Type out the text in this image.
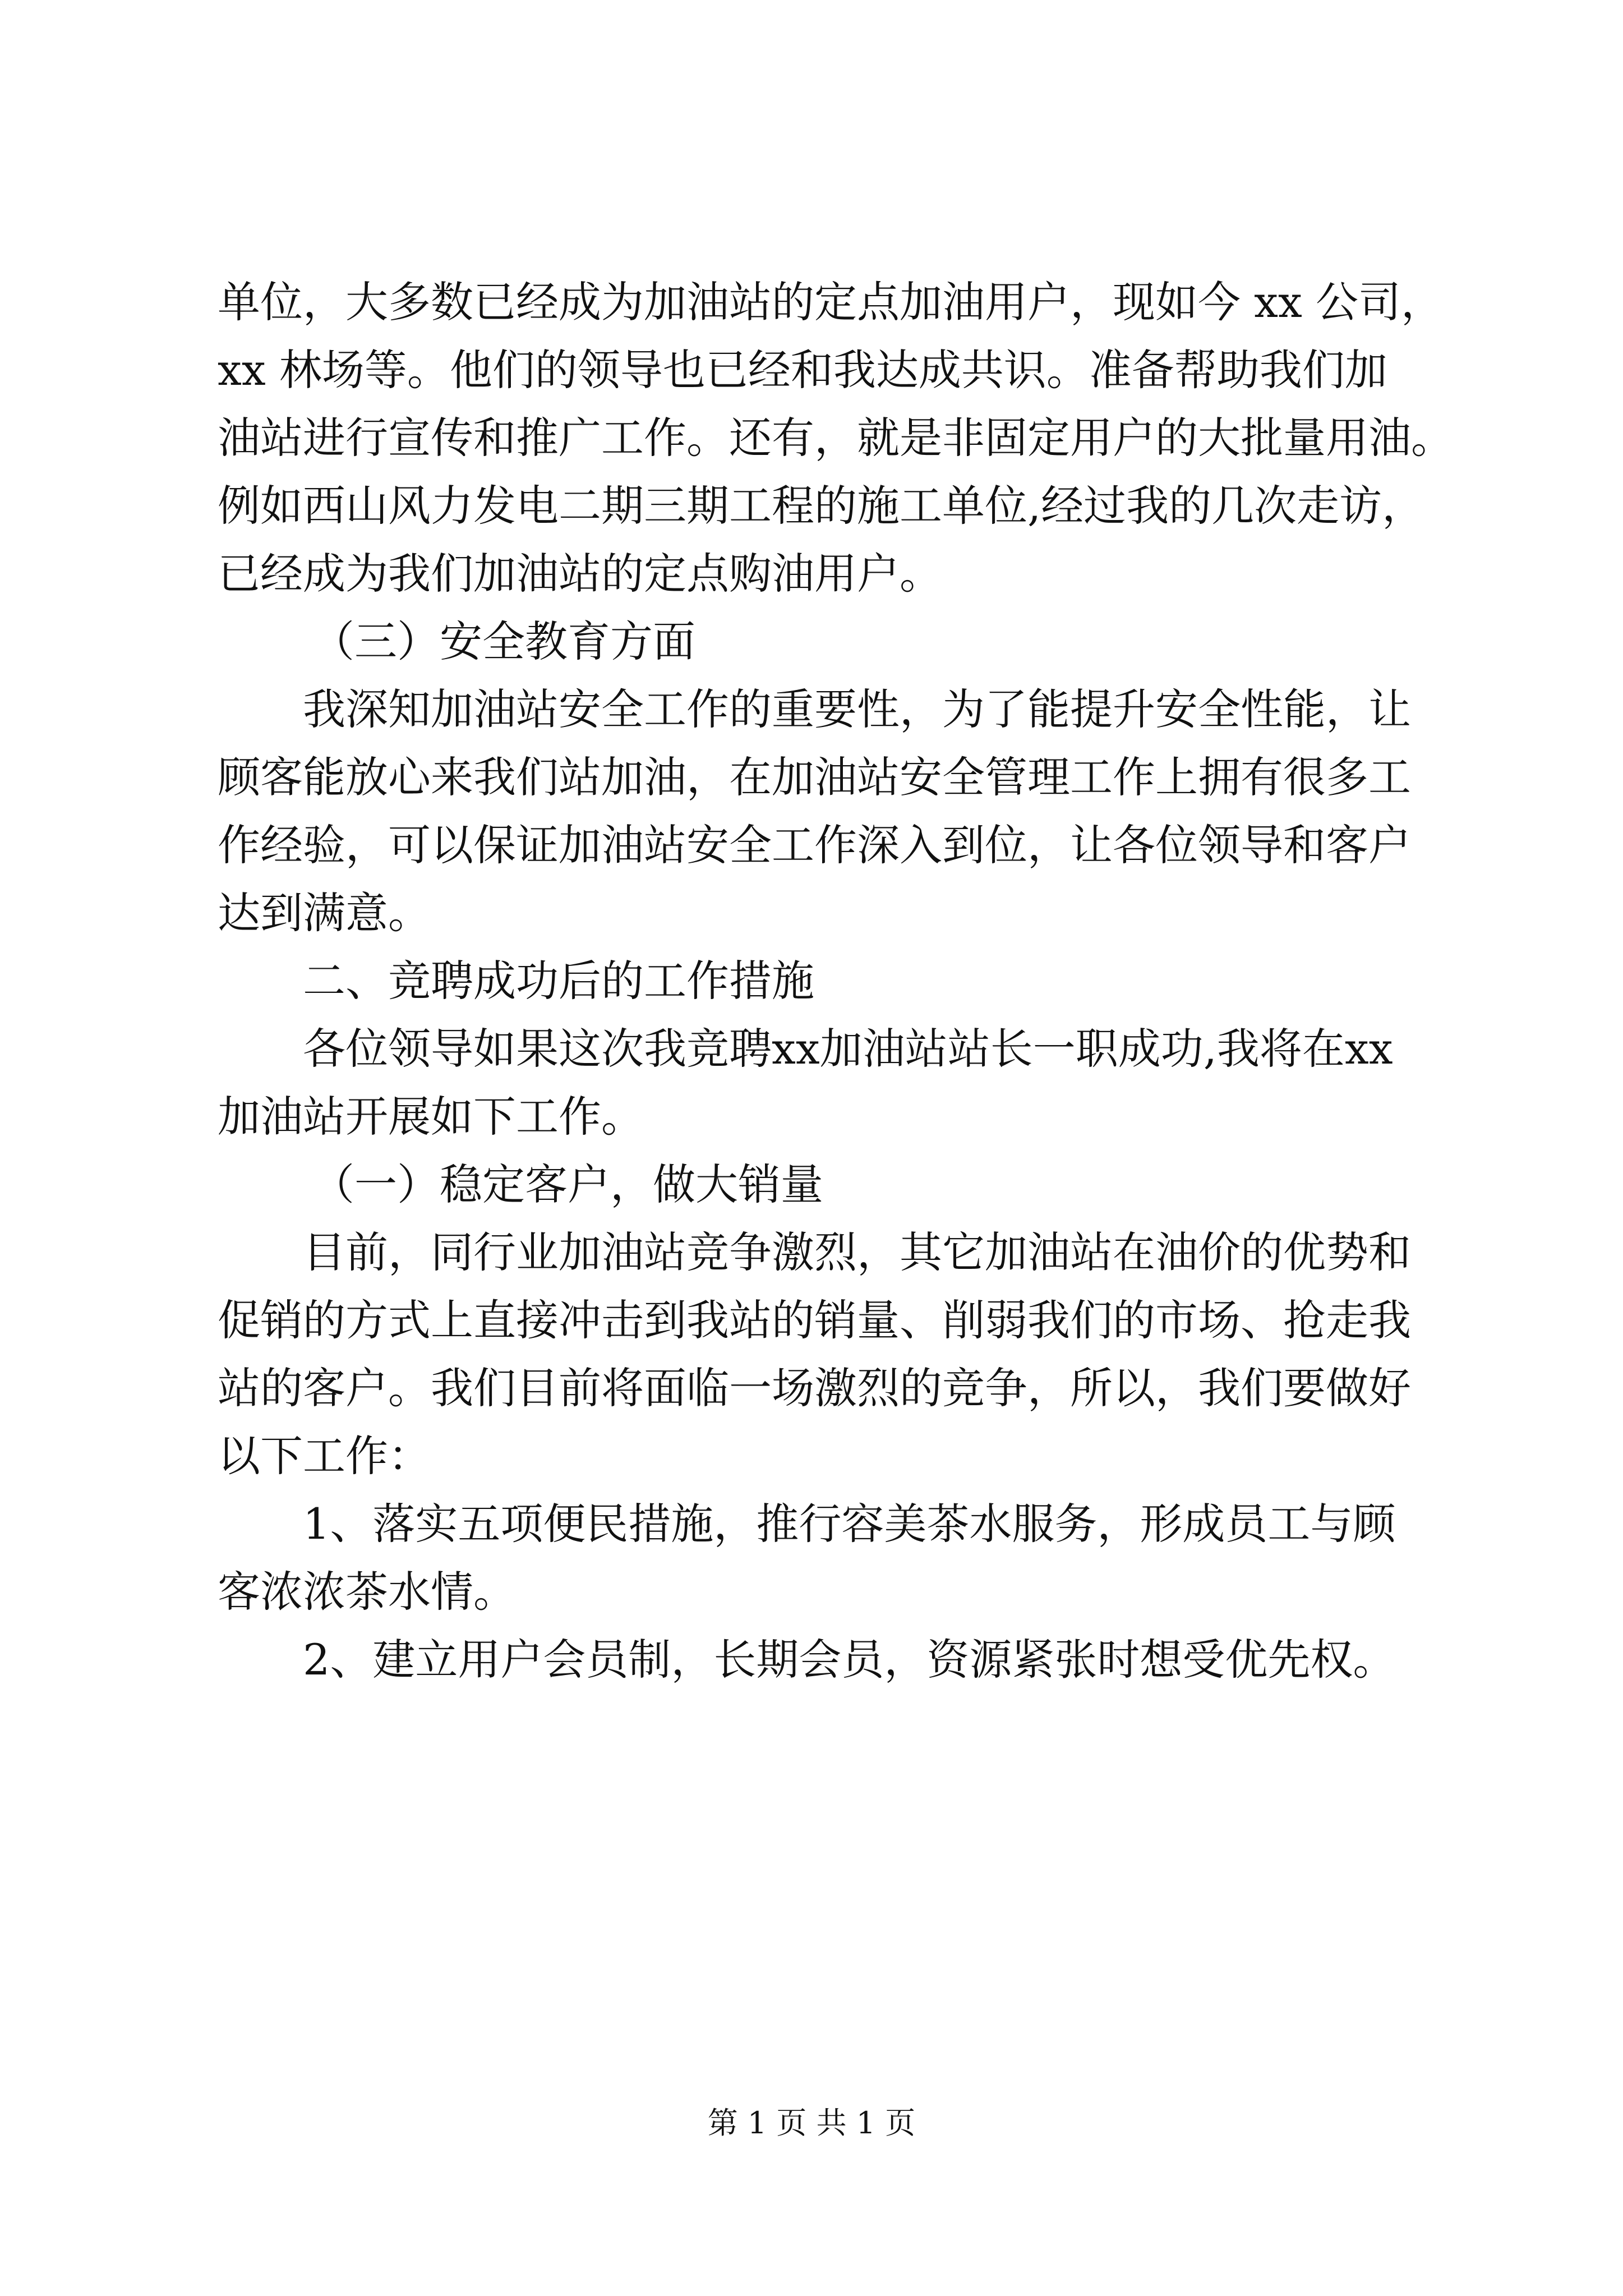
单位，大多数已经成为加油站的定点加油用户，现如今 xx 公司，
xx 林场等。他们的领导也已经和我达成共识。准备帮助我们加
油站进行宣传和推广工作。还有，就是非固定用户的大批量用油。
例如西山风力发电二期三期工程的施工单位,经过我的几次走访，
已经成为我们加油站的定点购油用户。
（三）安全教育方面
我深知加油站安全工作的重要性，为了能提升安全性能，让
顾客能放心来我们站加油，在加油站安全管理工作上拥有很多工
作经验，可以保证加油站安全工作深入到位，让各位领导和客户
达到满意。
二、竞聘成功后的工作措施
各位领导如果这次我竞聘xx加油站站长一职成功,我将在xx
加油站开展如下工作。
（一）稳定客户，做大销量
目前，同行业加油站竞争激烈，其它加油站在油价的优势和
促销的方式上直接冲击到我站的销量、削弱我们的市场、抢走我
站的客户。我们目前将面临一场激烈的竞争，所以，我们要做好
以下工作：
1、落实五项便民措施，推行容美茶水服务，形成员工与顾
客浓浓茶水情。
2、建立用户会员制，长期会员，资源紧张时想受优先权。
第 1 页 共 1 页
